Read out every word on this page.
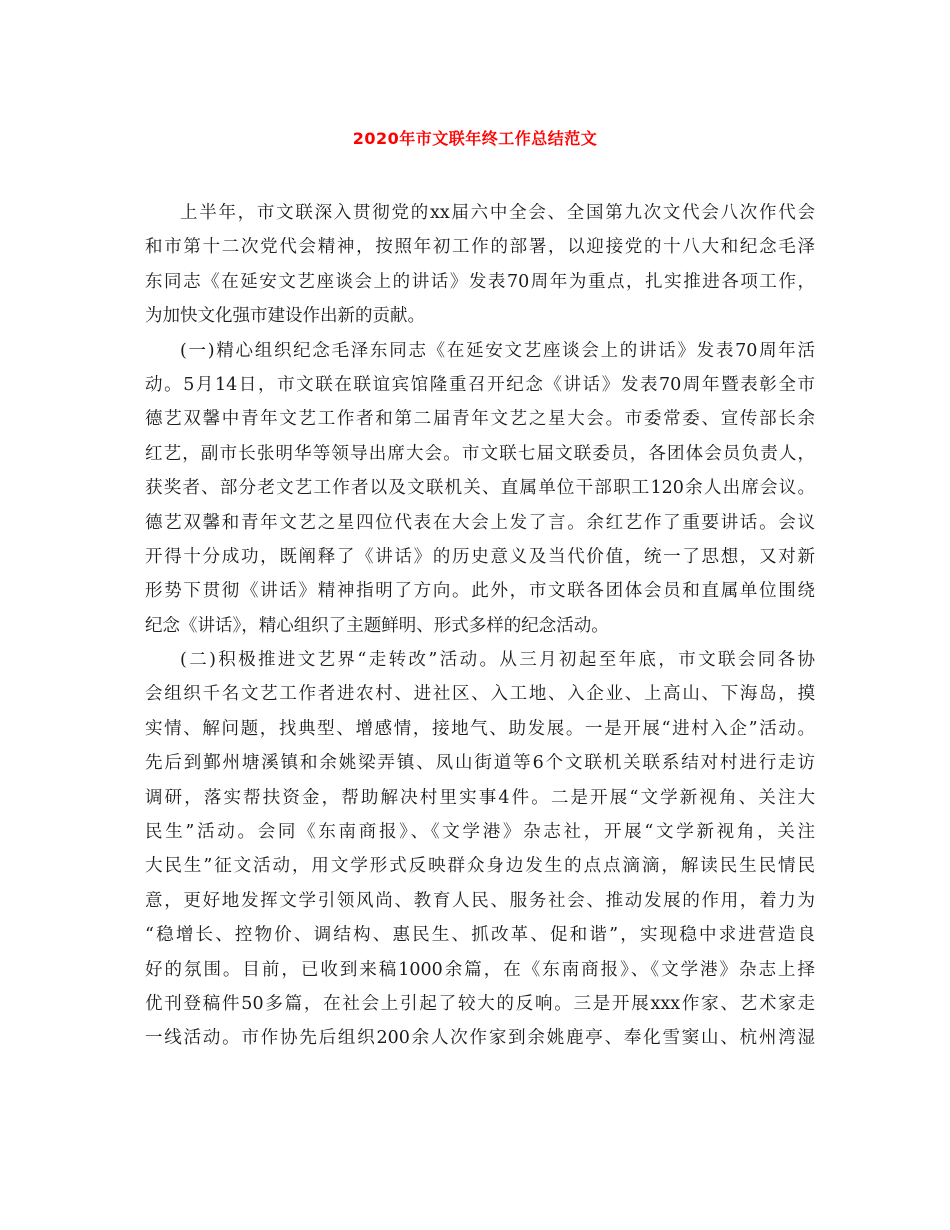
2020年市文联年终工作总结范文
上半年，市文联深入贯彻党的xx届六中全会、全国第九次文代会八次作代会
和市第十二次党代会精神，按照年初工作的部署，以迎接党的十八大和纪念毛泽
东同志《在延安文艺座谈会上的讲话》发表70周年为重点，扎实推进各项工作，
为加快文化强市建设作出新的贡献。
(一)精心组织纪念毛泽东同志《在延安文艺座谈会上的讲话》发表70周年活
动。5月14日，市文联在联谊宾馆隆重召开纪念《讲话》发表70周年暨表彰全市
德艺双馨中青年文艺工作者和第二届青年文艺之星大会。市委常委、宣传部长余
红艺，副市长张明华等领导出席大会。市文联七届文联委员，各团体会员负责人，
获奖者、部分老文艺工作者以及文联机关、直属单位干部职工120余人出席会议。
德艺双馨和青年文艺之星四位代表在大会上发了言。余红艺作了重要讲话。会议
开得十分成功，既阐释了《讲话》的历史意义及当代价值，统一了思想，又对新
形势下贯彻《讲话》精神指明了方向。此外，市文联各团体会员和直属单位围绕
纪念《讲话》，精心组织了主题鲜明、形式多样的纪念活动。
(二)积极推进文艺界“走转改”活动。从三月初起至年底，市文联会同各协
会组织千名文艺工作者进农村、进社区、入工地、入企业、上高山、下海岛，摸
实情、解问题，找典型、增感情，接地气、助发展。一是开展“进村入企”活动。
先后到鄞州塘溪镇和余姚梁弄镇、凤山街道等6个文联机关联系结对村进行走访
调研，落实帮扶资金，帮助解决村里实事4件。二是开展“文学新视角、关注大
民生”活动。会同《东南商报》、《文学港》杂志社，开展“文学新视角，关注
大民生”征文活动，用文学形式反映群众身边发生的点点滴滴，解读民生民情民
意，更好地发挥文学引领风尚、教育人民、服务社会、推动发展的作用，着力为
“稳增长、控物价、调结构、惠民生、抓改革、促和谐”，实现稳中求进营造良
好的氛围。目前，已收到来稿1000余篇，在《东南商报》、《文学港》杂志上择
优刊登稿件50多篇，在社会上引起了较大的反响。三是开展xxx作家、艺术家走
一线活动。市作协先后组织200余人次作家到余姚鹿亭、奉化雪窦山、杭州湾湿
